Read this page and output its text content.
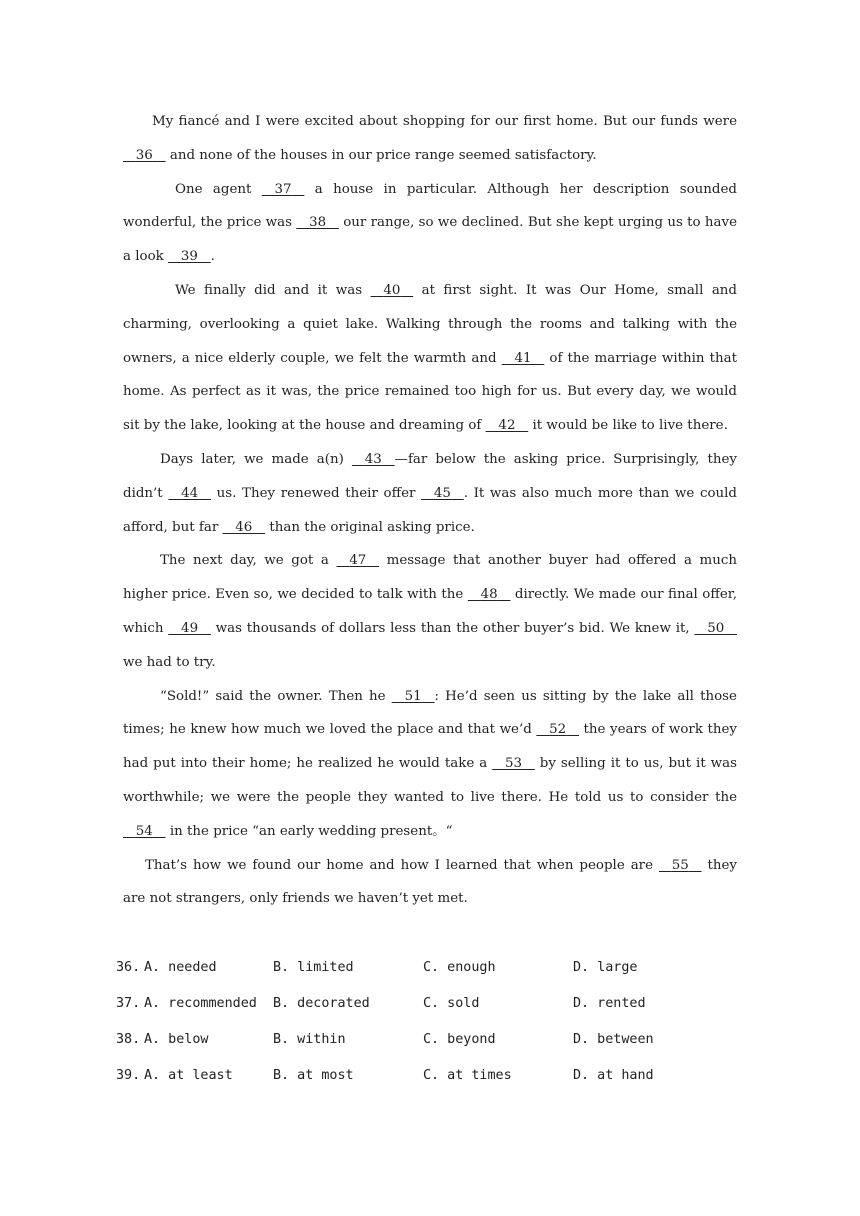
My fiancé and I were excited about shopping for our first home. But our funds were    36    and none of the houses in our price range seemed satisfactory.

One agent    37    a house in particular. Although her description sounded wonderful, the price was    38    our range, so we declined. But she kept urging us to have a look    39 .

We finally did and it was    40    at first sight. It was Our Home, small and charming, overlooking a quiet lake. Walking through the rooms and talking with the owners, a nice elderly couple, we felt the warmth and    41    of the marriage within that home. As perfect as it was, the price remained too high for us. But every day, we would sit by the lake, looking at the house and dreaming of    42    it would be like to live there.

Days later, we made a(n)    43 —far below the asking price. Surprisingly, they didn’t    44    us. They renewed their offer    45 . It was also much more than we could afford, but far    46    than the original asking price.

The next day, we got a    47    message that another buyer had offered a much higher price. Even so, we decided to talk with the    48    directly. We made our final offer, which    49    was thousands of dollars less than the other buyer’s bid. We knew it,    50    we had to try.

“Sold!” said the owner. Then he    51 : He’d seen us sitting by the lake all those times; he knew how much we loved the place and that we’d    52    the years of work they had put into their home; he realized he would take a    53    by selling it to us, but it was worthwhile; we were the people they wanted to live there. He told us to consider the    54    in the price “an early wedding present。“

That’s how we found our home and how I learned that when people are    55    they are not strangers, only friends we haven’t yet met.

36. A. needed	B. limited	C. enough	D. large
37. A. recommended B. decorated	C. sold	D. rented
38. A. below	B. within	C. beyond	D. between
39. A. at least	B. at most	C. at times	D. at hand
